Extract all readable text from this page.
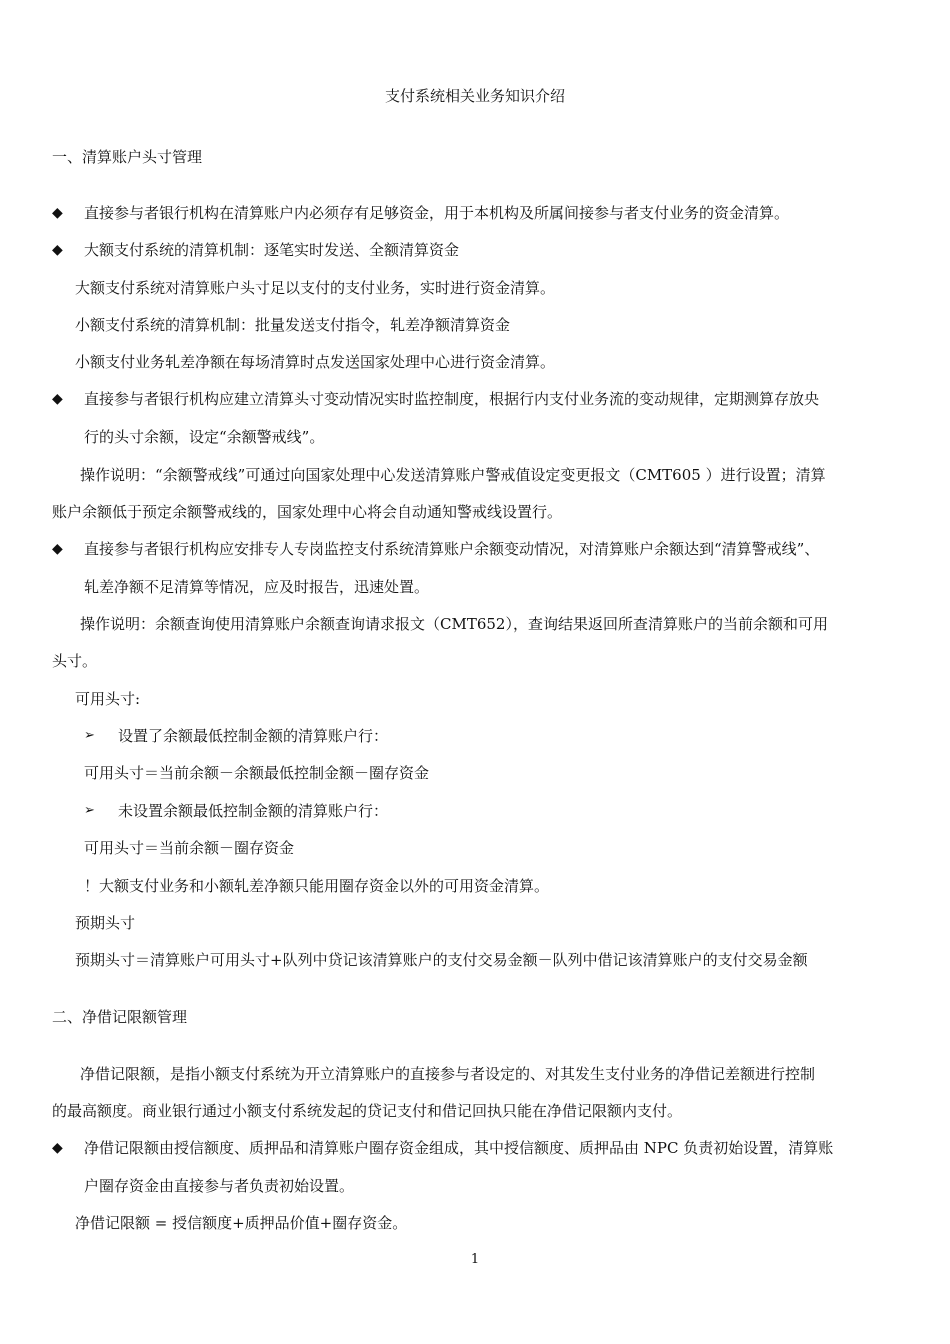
支付系统相关业务知识介绍
一、清算账户头寸管理
◆ 直接参与者银行机构在清算账户内必须存有足够资金，用于本机构及所属间接参与者支付业务的资金清算。
◆ 大额支付系统的清算机制：逐笔实时发送、全额清算资金
大额支付系统对清算账户头寸足以支付的支付业务，实时进行资金清算。
小额支付系统的清算机制：批量发送支付指令，轧差净额清算资金
小额支付业务轧差净额在每场清算时点发送国家处理中心进行资金清算。
◆ 直接参与者银行机构应建立清算头寸变动情况实时监控制度，根据行内支付业务流的变动规律，定期测算存放央
行的头寸余额，设定“余额警戒线”。
操作说明：“余额警戒线”可通过向国家处理中心发送清算账户警戒值设定变更报文（CMT605 ）进行设置；清算
账户余额低于预定余额警戒线的，国家处理中心将会自动通知警戒线设置行。
◆ 直接参与者银行机构应安排专人专岗监控支付系统清算账户余额变动情况，对清算账户余额达到“清算警戒线”、
轧差净额不足清算等情况，应及时报告，迅速处置。
操作说明：余额查询使用清算账户余额查询请求报文（CMT652），查询结果返回所查清算账户的当前余额和可用
头寸。
可用头寸:
➢ 设置了余额最低控制金额的清算账户行：
可用头寸＝当前余额－余额最低控制金额－圈存资金
➢ 未设置余额最低控制金额的清算账户行：
可用头寸＝当前余额－圈存资金
！大额支付业务和小额轧差净额只能用圈存资金以外的可用资金清算。
预期头寸
预期头寸＝清算账户可用头寸+队列中贷记该清算账户的支付交易金额－队列中借记该清算账户的支付交易金额
二、净借记限额管理
净借记限额，是指小额支付系统为开立清算账户的直接参与者设定的、对其发生支付业务的净借记差额进行控制
的最高额度。商业银行通过小额支付系统发起的贷记支付和借记回执只能在净借记限额内支付。
◆ 净借记限额由授信额度、质押品和清算账户圈存资金组成，其中授信额度、质押品由 NPC 负责初始设置，清算账
户圈存资金由直接参与者负责初始设置。
净借记限额 = 授信额度+质押品价值+圈存资金。
1
